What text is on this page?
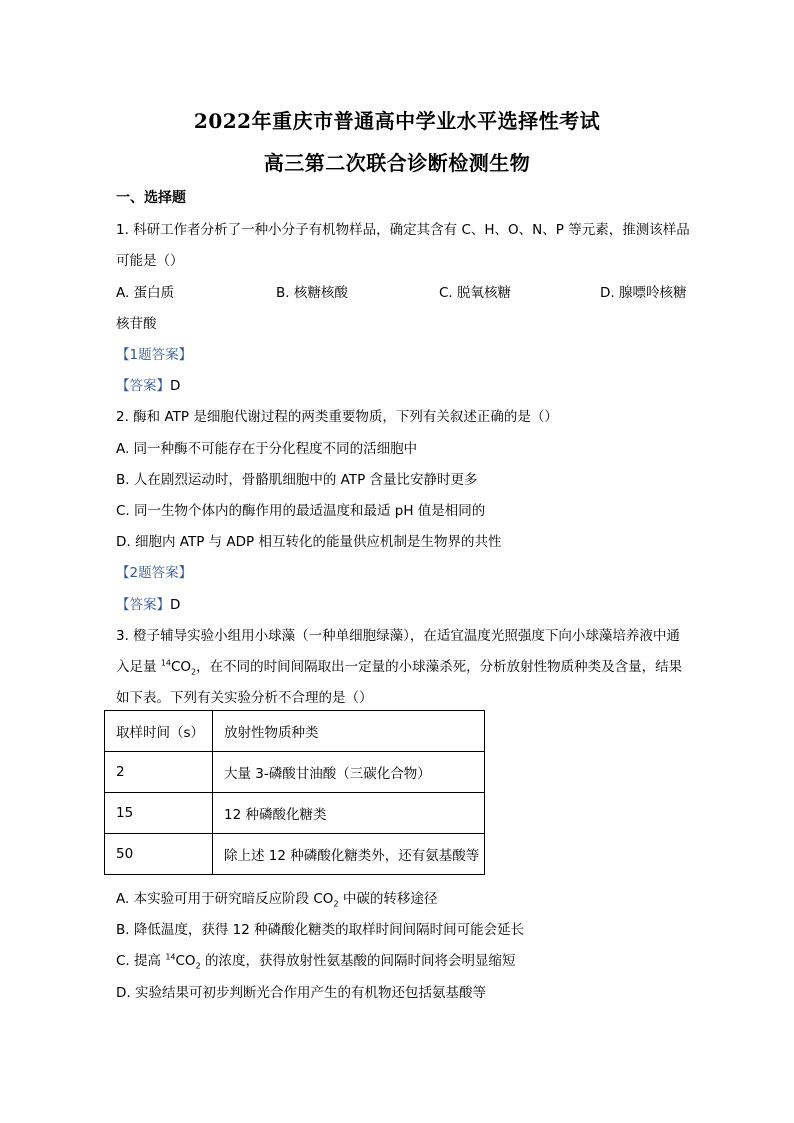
2022年重庆市普通高中学业水平选择性考试
高三第二次联合诊断检测生物
一、选择题
1. 科研工作者分析了一种小分子有机物样品，确定其含有 C、H、O、N、P 等元素，推测该样品
可能是（）
A. 蛋白质	B. 核糖核酸	C. 脱氧核糖	D. 腺嘌呤核糖
核苷酸
【1题答案】
【答案】D
2. 酶和 ATP 是细胞代谢过程的两类重要物质，下列有关叙述正确的是（）
A. 同一种酶不可能存在于分化程度不同的活细胞中
B. 人在剧烈运动时，骨骼肌细胞中的 ATP 含量比安静时更多
C. 同一生物个体内的酶作用的最适温度和最适 pH 值是相同的
D. 细胞内 ATP 与 ADP 相互转化的能量供应机制是生物界的共性
【2题答案】
【答案】D
3. 橙子辅导实验小组用小球藻（一种单细胞绿藻），在适宜温度光照强度下向小球藻培养液中通
入足量 $^{14}CO_2$，在不同的时间间隔取出一定量的小球藻杀死，分析放射性物质种类及含量，结果
如下表。下列有关实验分析不合理的是（）
取样时间（s）	放射性物质种类
2	大量 3-磷酸甘油酸（三碳化合物）
15	12 种磷酸化糖类
50	除上述 12 种磷酸化糖类外，还有氨基酸等
A. 本实验可用于研究暗反应阶段 $CO_2$ 中碳的转移途径
B. 降低温度，获得 12 种磷酸化糖类的取样时间间隔时间可能会延长
C. 提高 $^{14}CO_2$ 的浓度，获得放射性氨基酸的间隔时间将会明显缩短
D. 实验结果可初步判断光合作用产生的有机物还包括氨基酸等
